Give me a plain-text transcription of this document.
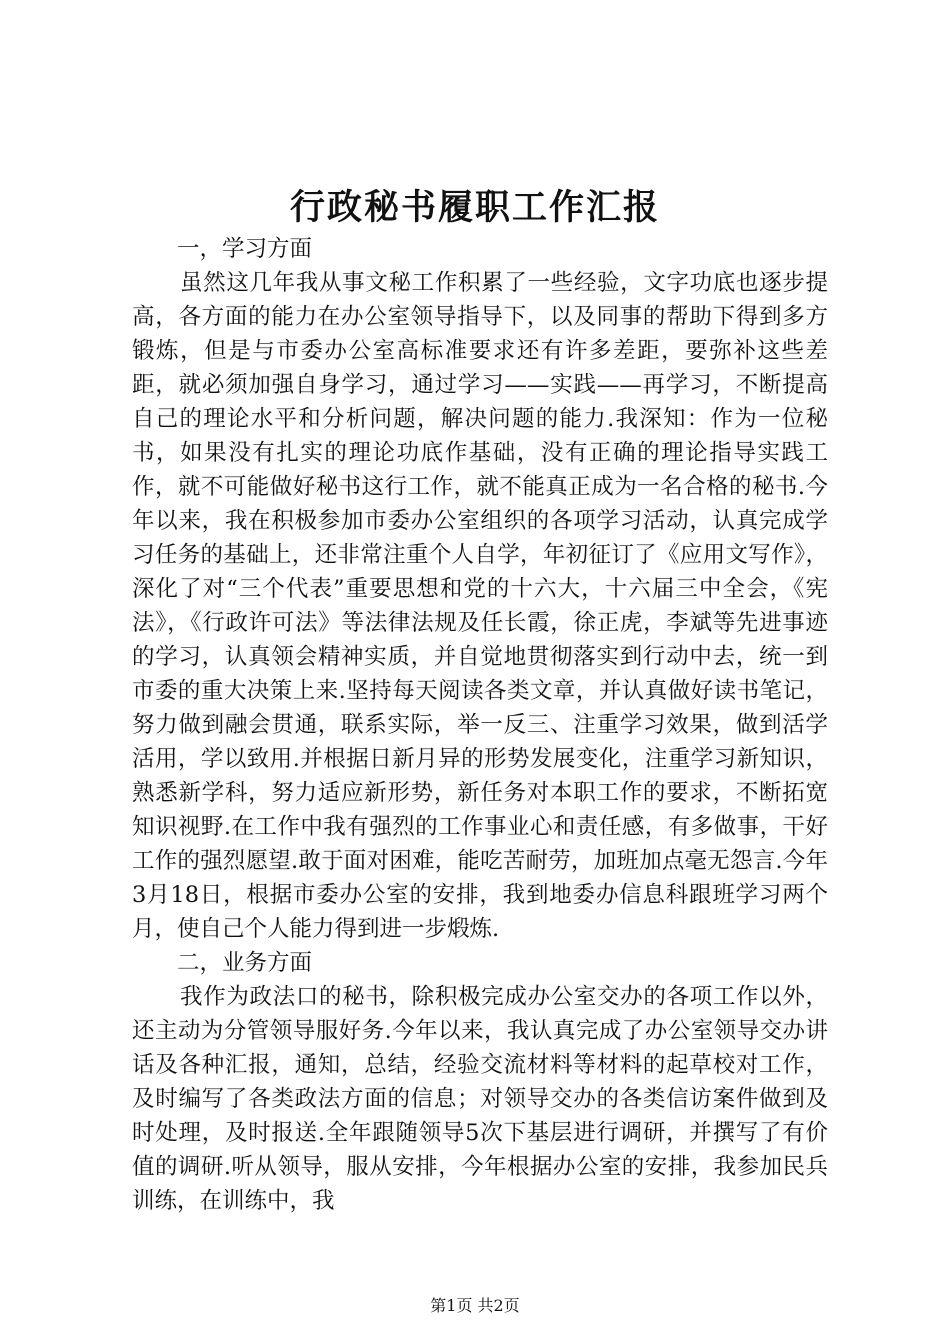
行政秘书履职工作汇报

一，学习方面

虽然这几年我从事文秘工作积累了一些经验，文字功底也逐步提高，各方面的能力在办公室领导指导下，以及同事的帮助下得到多方锻炼，但是与市委办公室高标准要求还有许多差距，要弥补这些差距，就必须加强自身学习，通过学习——实践——再学习，不断提高自己的理论水平和分析问题，解决问题的能力.我深知：作为一位秘书，如果没有扎实的理论功底作基础，没有正确的理论指导实践工作，就不可能做好秘书这行工作，就不能真正成为一名合格的秘书.今年以来，我在积极参加市委办公室组织的各项学习活动，认真完成学习任务的基础上，还非常注重个人自学，年初征订了《应用文写作》，深化了对“三个代表”重要思想和党的十六大，十六届三中全会，《宪法》，《行政许可法》等法律法规及任长霞，徐正虎，李斌等先进事迹的学习，认真领会精神实质，并自觉地贯彻落实到行动中去，统一到市委的重大决策上来.坚持每天阅读各类文章，并认真做好读书笔记，努力做到融会贯通，联系实际，举一反三、注重学习效果，做到活学活用，学以致用.并根据日新月异的形势发展变化，注重学习新知识，熟悉新学科，努力适应新形势，新任务对本职工作的要求，不断拓宽知识视野.在工作中我有强烈的工作事业心和责任感，有多做事，干好工作的强烈愿望.敢于面对困难，能吃苦耐劳，加班加点毫无怨言.今年3月18日，根据市委办公室的安排，我到地委办信息科跟班学习两个月，使自己个人能力得到进一步煅炼.

二，业务方面

我作为政法口的秘书，除积极完成办公室交办的各项工作以外，还主动为分管领导服好务.今年以来，我认真完成了办公室领导交办讲话及各种汇报，通知，总结，经验交流材料等材料的起草校对工作，及时编写了各类政法方面的信息；对领导交办的各类信访案件做到及时处理，及时报送.全年跟随领导5次下基层进行调研，并撰写了有价值的调研.听从领导，服从安排，今年根据办公室的安排，我参加民兵训练，在训练中，我

第1页 共2页
